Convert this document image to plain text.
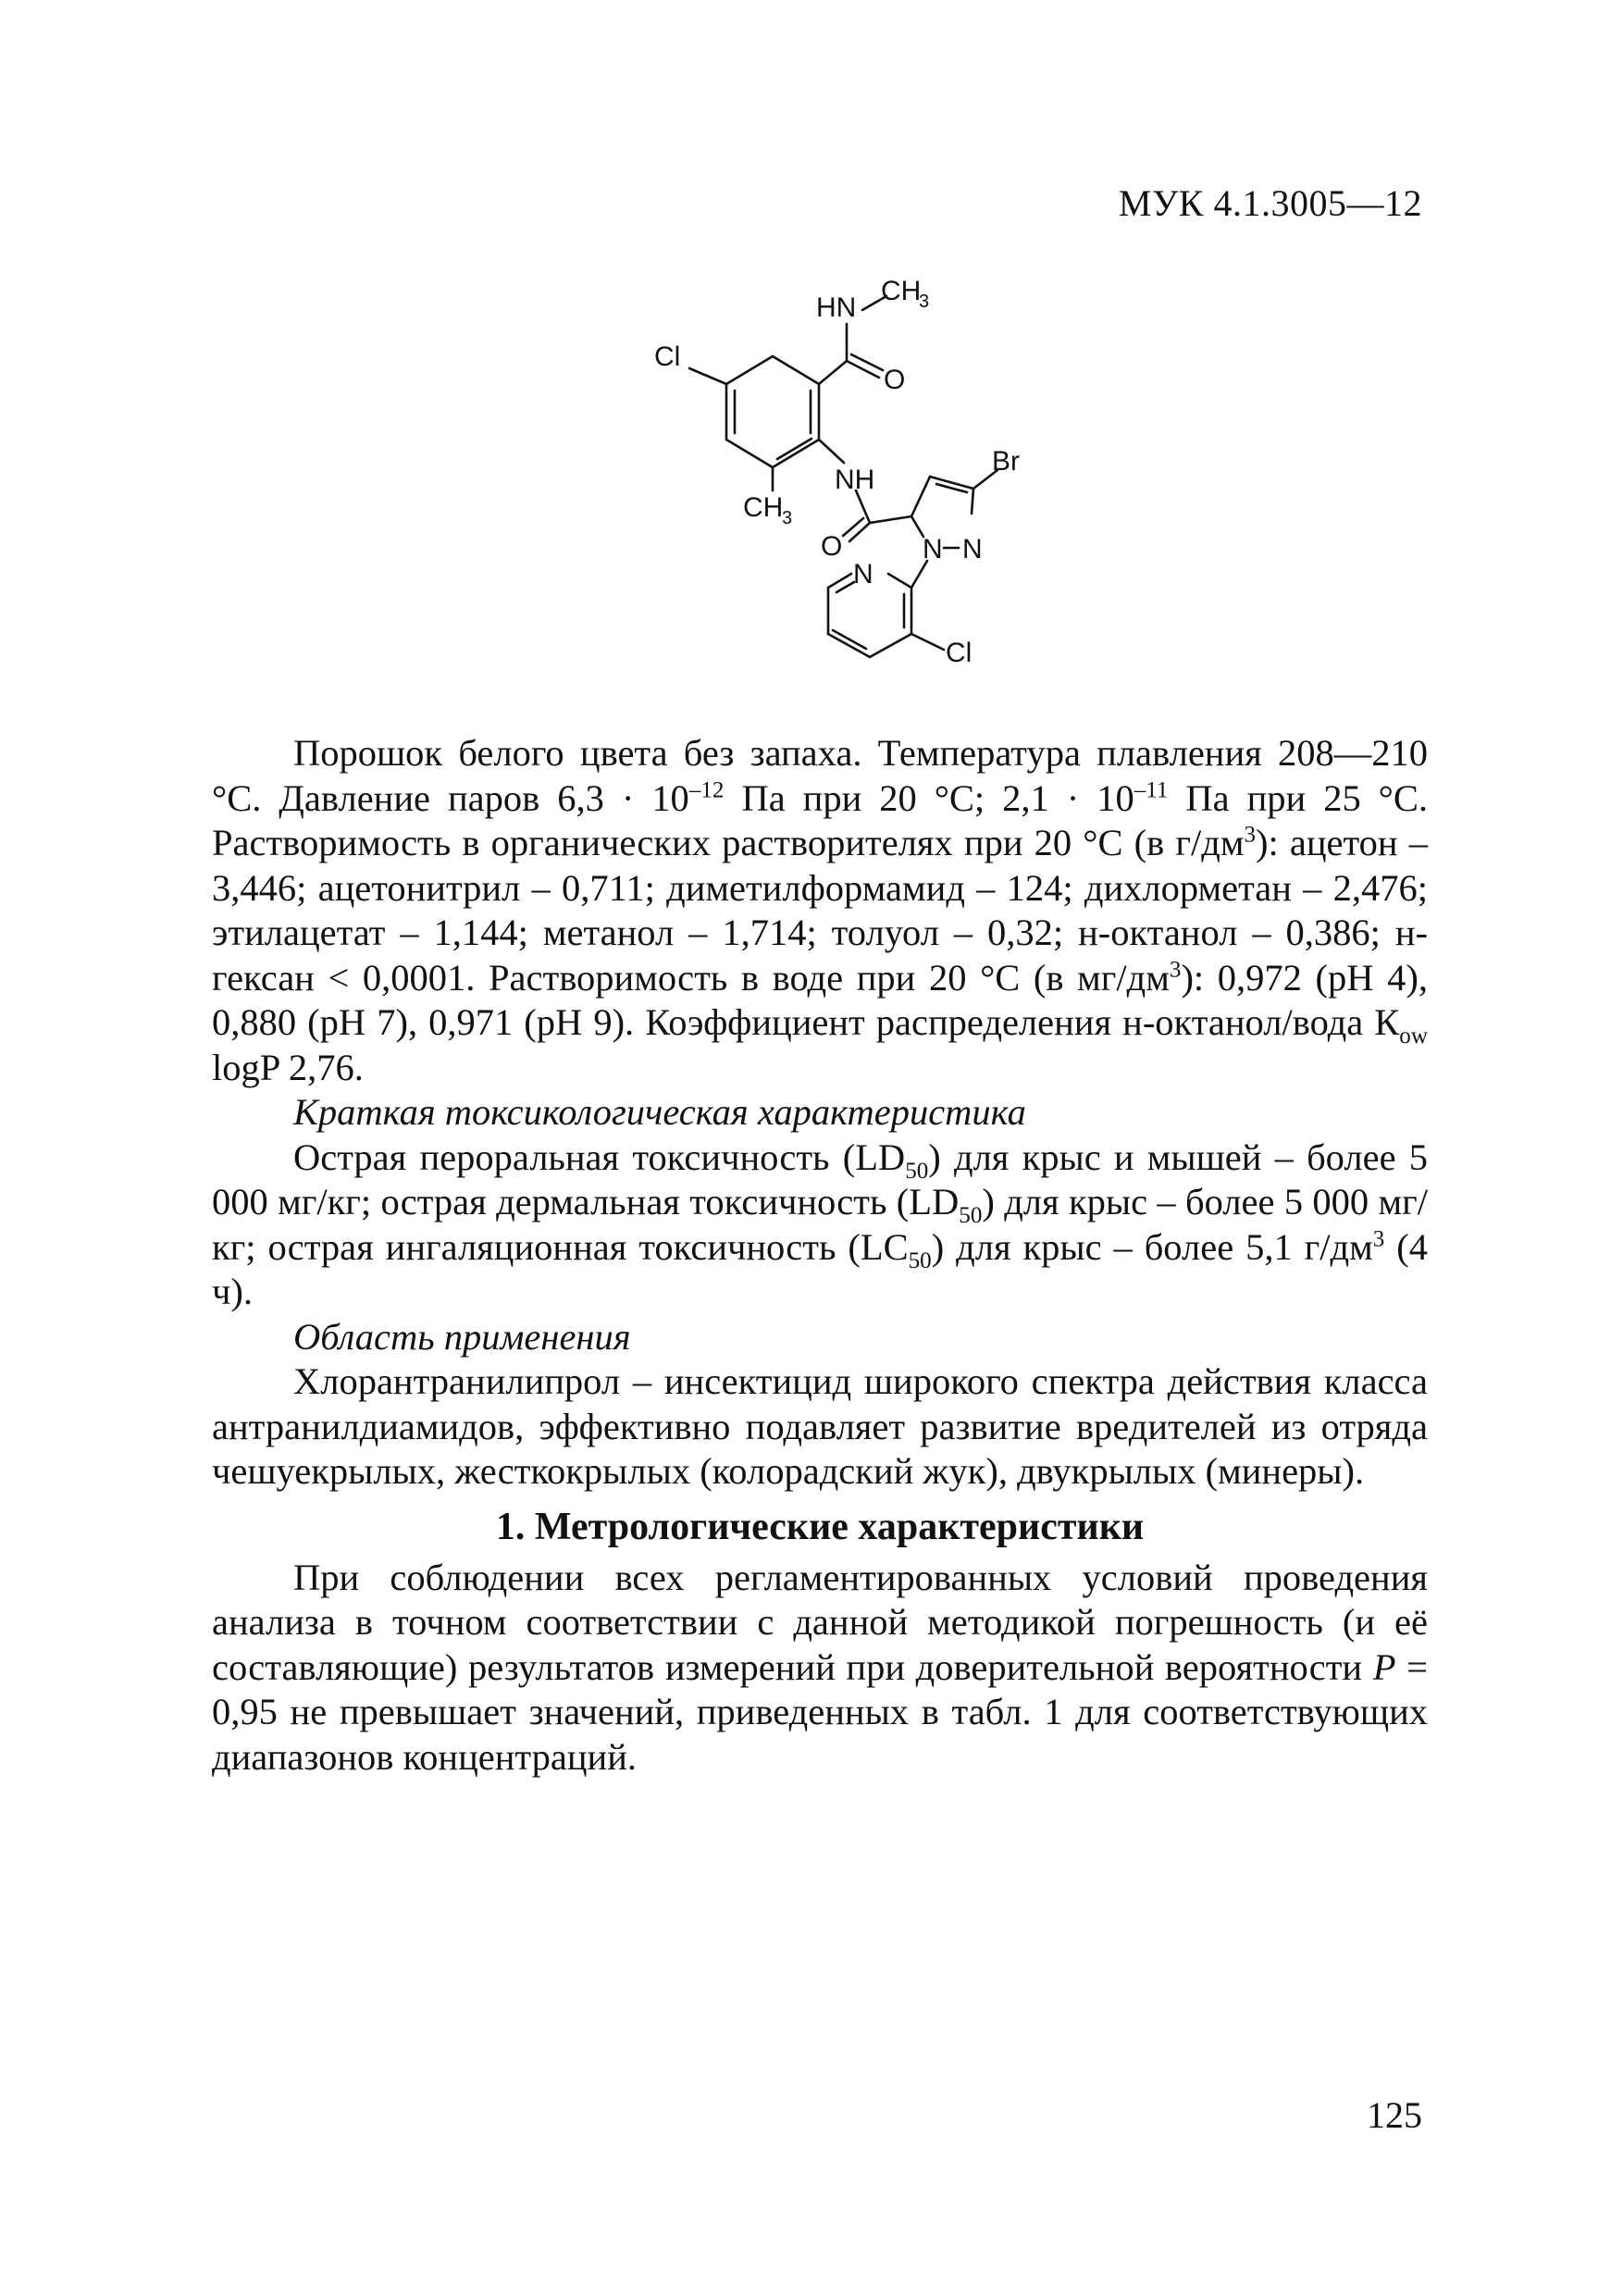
МУК 4.1.3005—12
HN
CH
3
Cl
O
NH
CH
3
O
Br
N N
N
Cl

Порошок белого цвета без запаха. Температура плавления 208—210 °С. Давление паров $6,3 \cdot 10^{-12}$ Па при 20 °С; $2,1 \cdot 10^{-11}$ Па при 25 °С. Растворимость в органических растворителях при 20 °С (в $г/дм^3$): ацетон – 3,446; ацетонитрил – 0,711; диметилформамид – 124; дихлорметан – 2,476; этилацетат – 1,144; метанол – 1,714; толуол – 0,32; н-октанол – 0,386; н-гексан < 0,0001. Растворимость в воде при 20 °С (в $мг/дм^3$): 0,972 (pH 4), 0,880 (pH 7), 0,971 (pH 9). Коэффициент распределения н-октанол/вода $К_{ow}$ logP 2,76.

Краткая токсикологическая характеристика

Острая пероральная токсичность $(LD_{50})$ для крыс и мышей – более 5 000 мг/кг; острая дермальная токсичность $(LD_{50})$ для крыс – более 5 000 мг/кг; острая ингаляционная токсичность $(LC_{50})$ для крыс – более 5,1 $г/дм^3$ (4 ч).

Область применения

Хлорантранилипрол – инсектицид широкого спектра действия класса антранилдиамидов, эффективно подавляет развитие вредителей из отряда чешуекрылых, жесткокрылых (колорадский жук), двукрылых (минеры).

1. Метрологические характеристики

При соблюдении всех регламентированных условий проведения анализа в точном соответствии с данной методикой погрешность (и её составляющие) результатов измерений при доверительной вероятности P = 0,95 не превышает значений, приведенных в табл. 1 для соответствующих диапазонов концентраций.

125
